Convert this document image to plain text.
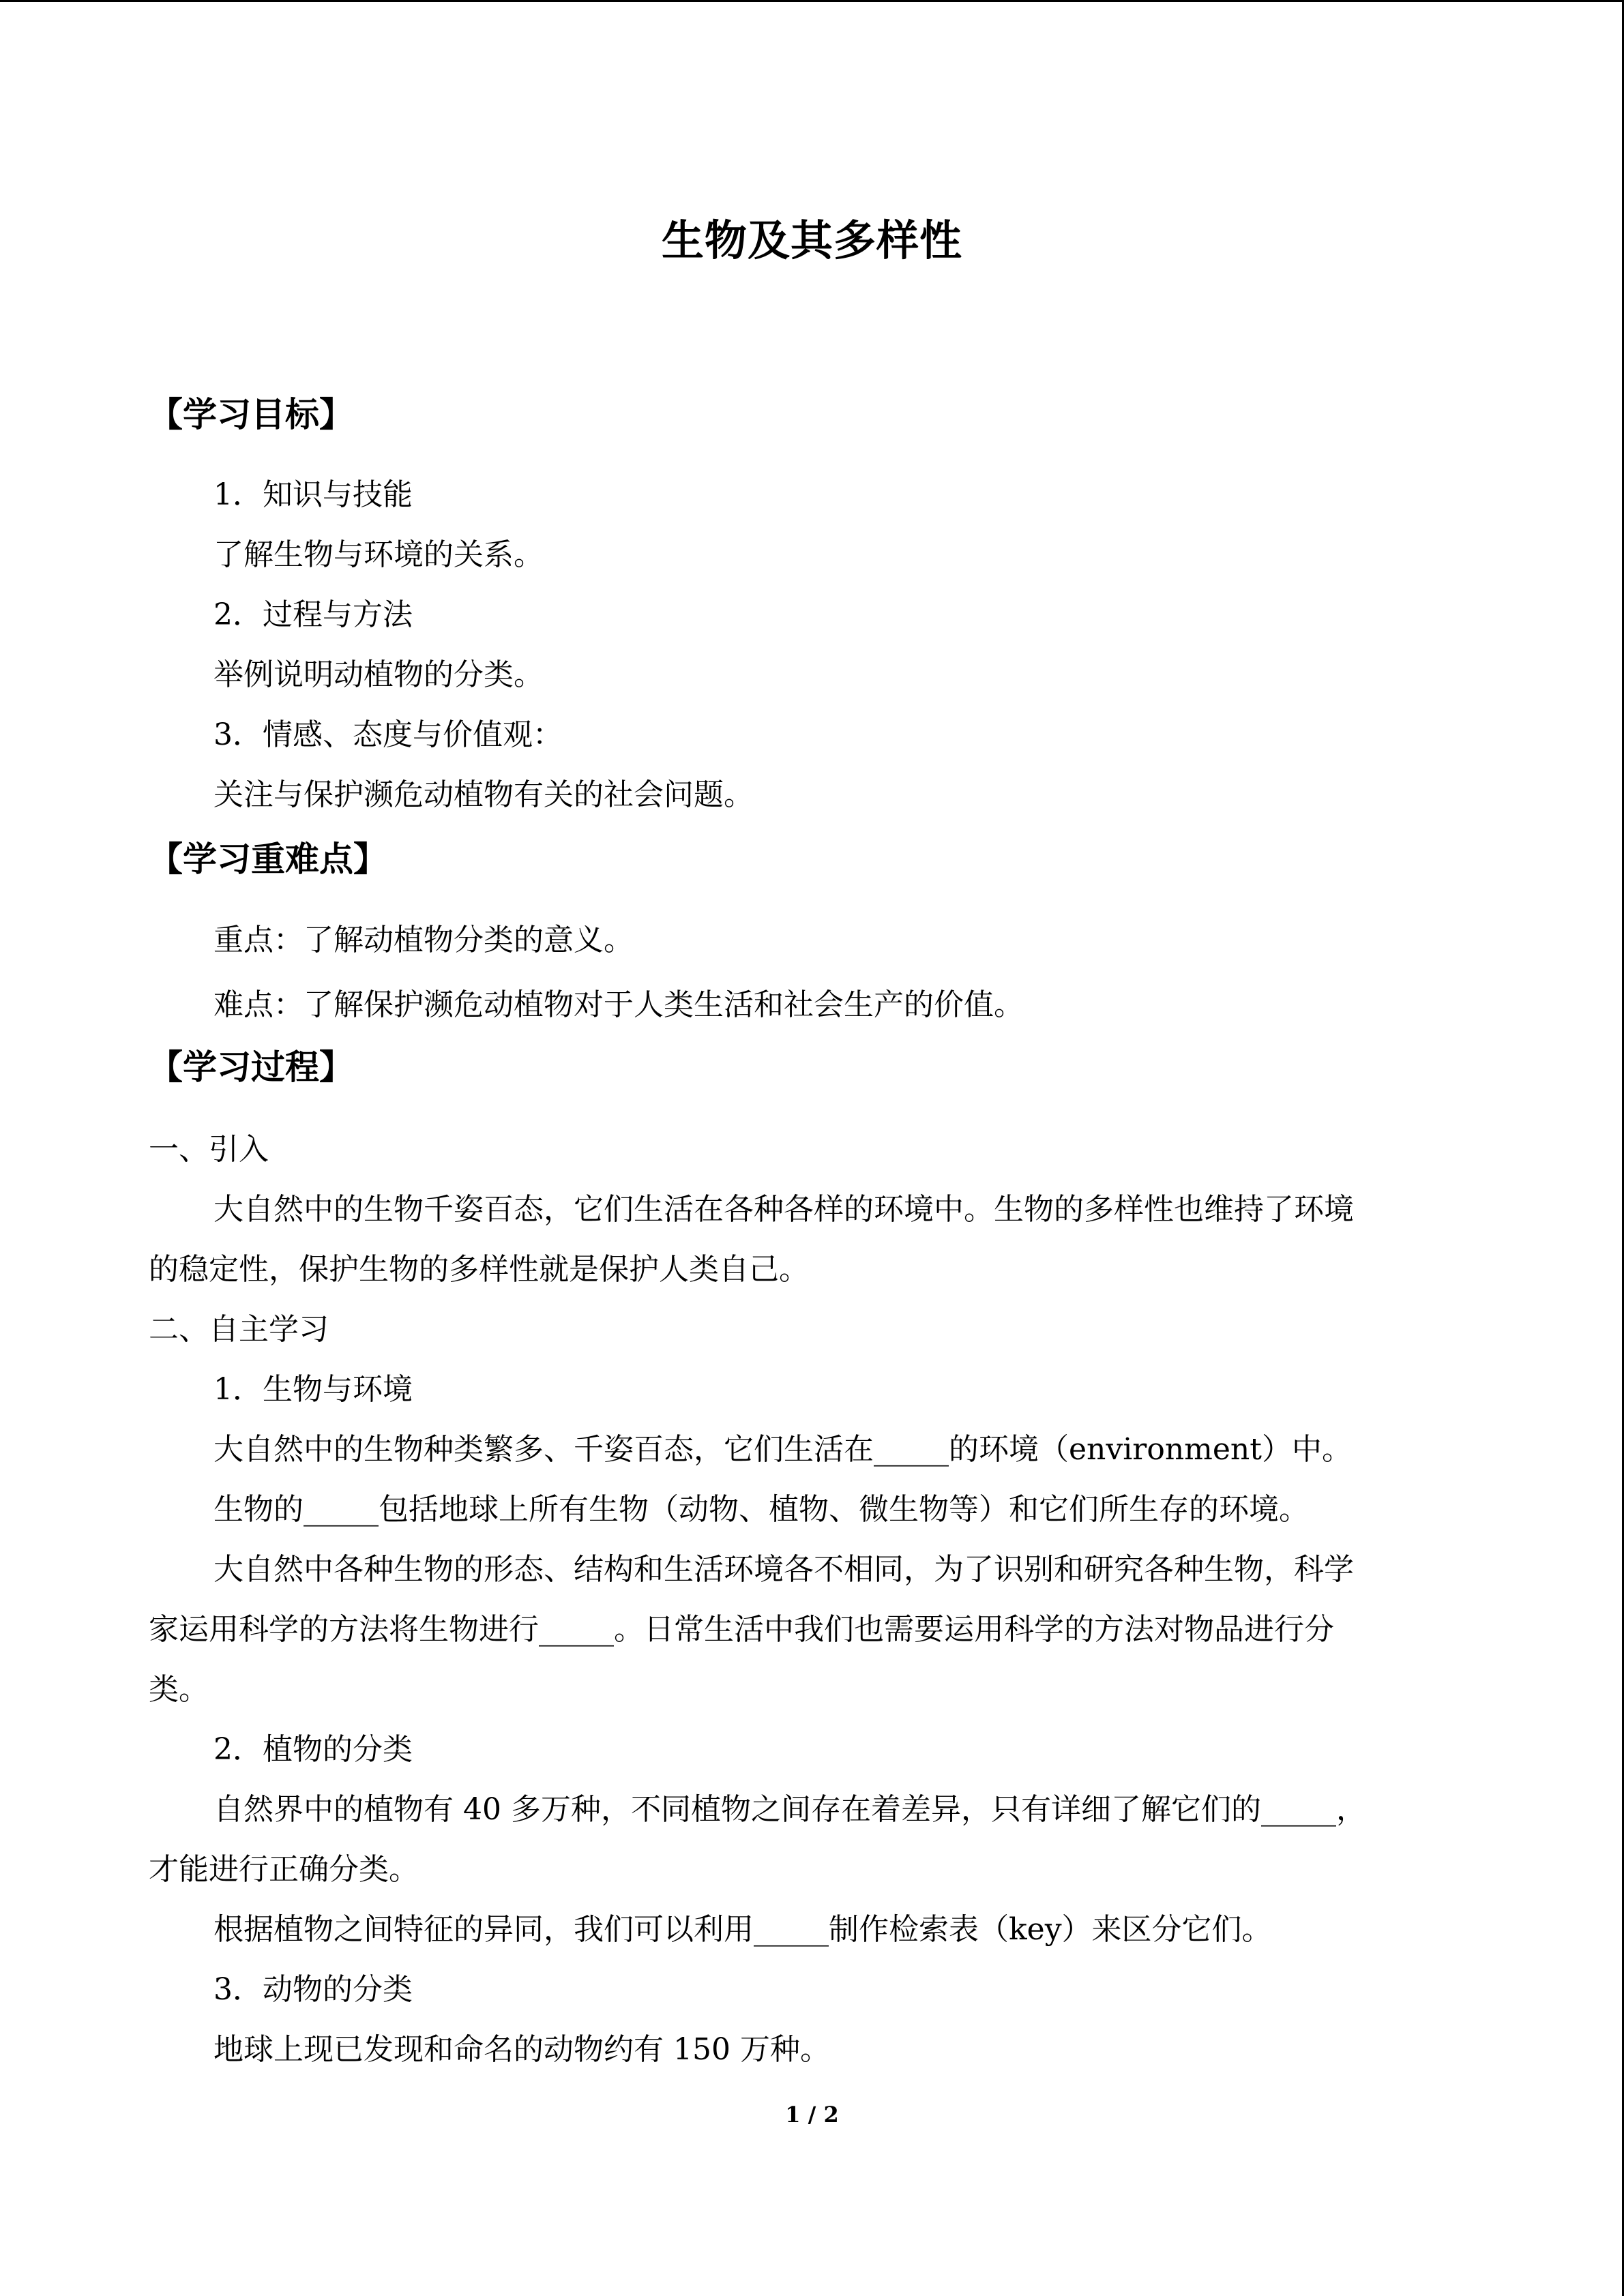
生物及其多样性
【学习目标】
1．知识与技能
了解生物与环境的关系。
2．过程与方法
举例说明动植物的分类。
3．情感、态度与价值观：
关注与保护濒危动植物有关的社会问题。
【学习重难点】
重点：了解动植物分类的意义。
难点：了解保护濒危动植物对于人类生活和社会生产的价值。
【学习过程】
一、引入
大自然中的生物千姿百态，它们生活在各种各样的环境中。生物的多样性也维持了环境
的稳定性，保护生物的多样性就是保护人类自己。
二、自主学习
1．生物与环境
大自然中的生物种类繁多、千姿百态，它们生活在_____的环境（environment）中。
生物的_____包括地球上所有生物（动物、植物、微生物等）和它们所生存的环境。
大自然中各种生物的形态、结构和生活环境各不相同，为了识别和研究各种生物，科学
家运用科学的方法将生物进行_____。日常生活中我们也需要运用科学的方法对物品进行分
类。
2．植物的分类
自然界中的植物有 40 多万种，不同植物之间存在着差异，只有详细了解它们的_____，
才能进行正确分类。
根据植物之间特征的异同，我们可以利用_____制作检索表（key）来区分它们。
3．动物的分类
地球上现已发现和命名的动物约有 150 万种。
1 / 2
